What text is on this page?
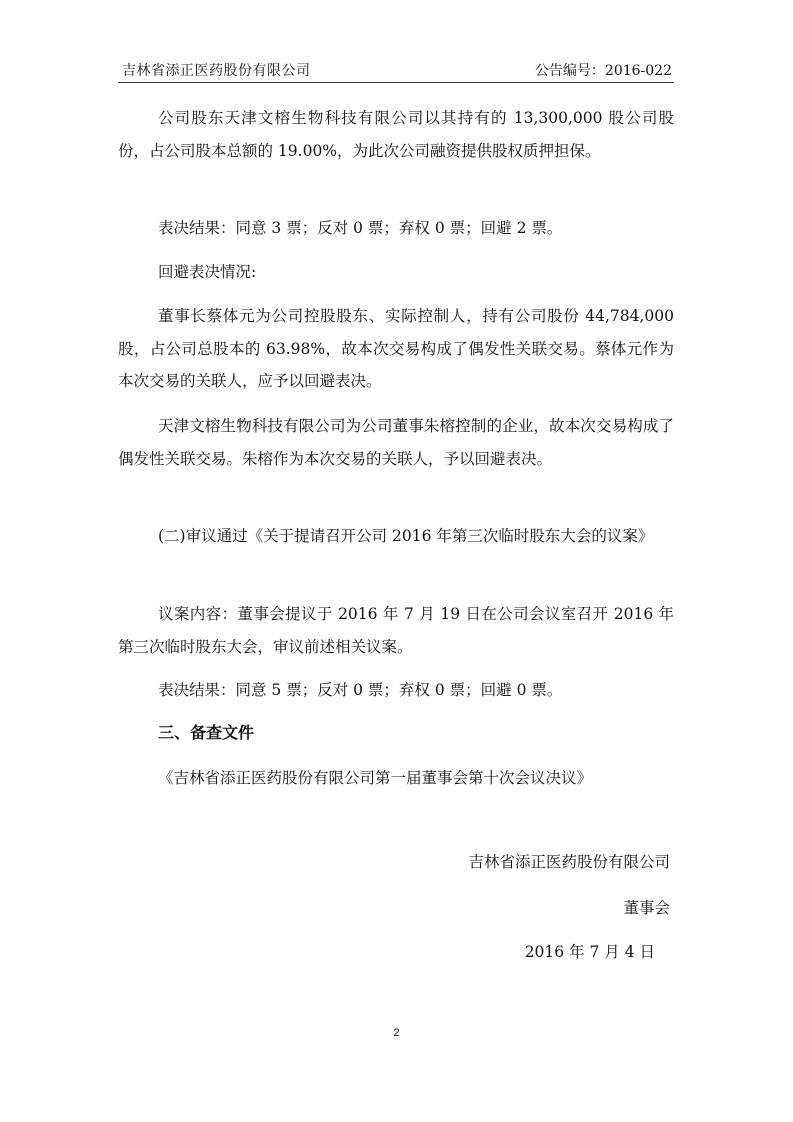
吉林省添正医药股份有限公司	公告编号：2016-022

公司股东天津文榕生物科技有限公司以其持有的 13,300,000 股公司股份，占公司股本总额的 19.00%，为此次公司融资提供股权质押担保。

表决结果：同意 3 票；反对 0 票；弃权 0 票；回避 2 票。

回避表决情况:

董事长蔡体元为公司控股股东、实际控制人，持有公司股份 44,784,000 股，占公司总股本的 63.98%，故本次交易构成了偶发性关联交易。蔡体元作为本次交易的关联人，应予以回避表决。

天津文榕生物科技有限公司为公司董事朱榕控制的企业，故本次交易构成了偶发性关联交易。朱榕作为本次交易的关联人，予以回避表决。

(二)审议通过《关于提请召开公司 2016 年第三次临时股东大会的议案》

议案内容：董事会提议于 2016 年 7 月 19 日在公司会议室召开 2016 年第三次临时股东大会，审议前述相关议案。

表决结果：同意 5 票；反对 0 票；弃权 0 票；回避 0 票。

三、备查文件

《吉林省添正医药股份有限公司第一届董事会第十次会议决议》

吉林省添正医药股份有限公司

董事会

2016 年 7 月 4 日

2
